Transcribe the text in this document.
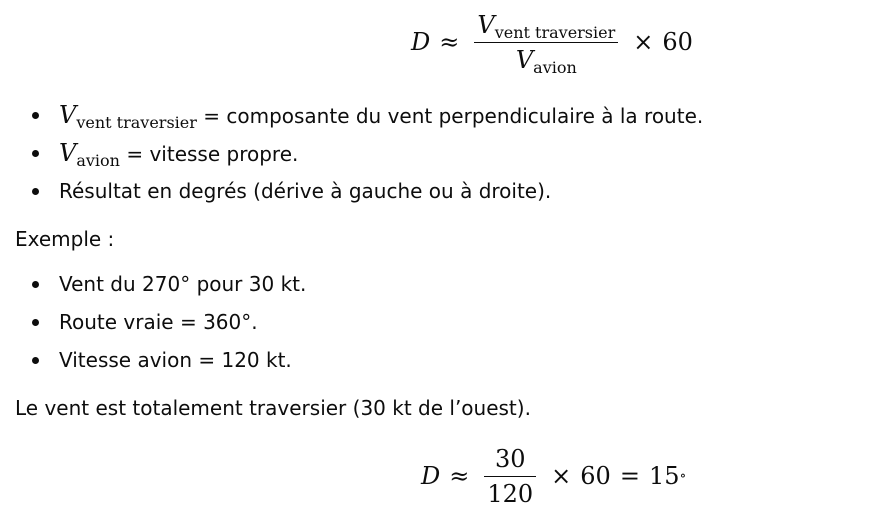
$D \approx \frac{V_{vent traversier}}{V_{avion}} \times 60$
$V_{vent traversier}$ = composante du vent perpendiculaire à la route.
$V_{avion}$ = vitesse propre.
Résultat en degrés (dérive à gauche ou à droite).

Exemple :

Vent du 270° pour 30 kt.
Route vraie = 360°.
Vitesse avion = 120 kt.

Le vent est totalement traversier (30 kt de l’ouest).

$D \approx \frac{30}{120} \times 60 = 15$ ∘
